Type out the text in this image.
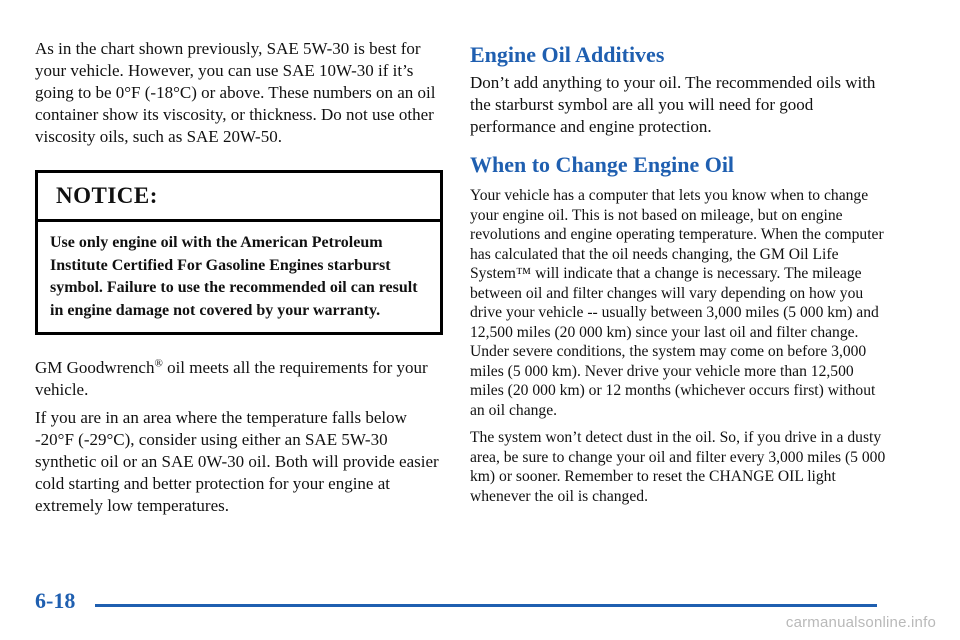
As in the chart shown previously, SAE 5W-30 is best for your vehicle. However, you can use SAE 10W-30 if it’s going to be 0°F (-18°C) or above. These numbers on an oil container show its viscosity, or thickness. Do not use other viscosity oils, such as SAE 20W-50.

NOTICE:
Use only engine oil with the American Petroleum Institute Certified For Gasoline Engines starburst symbol. Failure to use the recommended oil can result in engine damage not covered by your warranty.

GM Goodwrench® oil meets all the requirements for your vehicle.

If you are in an area where the temperature falls below -20°F (-29°C), consider using either an SAE 5W-30 synthetic oil or an SAE 0W-30 oil. Both will provide easier cold starting and better protection for your engine at extremely low temperatures.

Engine Oil Additives

Don’t add anything to your oil. The recommended oils with the starburst symbol are all you will need for good performance and engine protection.

When to Change Engine Oil

Your vehicle has a computer that lets you know when to change your engine oil. This is not based on mileage, but on engine revolutions and engine operating temperature. When the computer has calculated that the oil needs changing, the GM Oil Life System™ will indicate that a change is necessary. The mileage between oil and filter changes will vary depending on how you drive your vehicle -- usually between 3,000 miles (5 000 km) and 12,500 miles (20 000 km) since your last oil and filter change. Under severe conditions, the system may come on before 3,000 miles (5 000 km). Never drive your vehicle more than 12,500 miles (20 000 km) or 12 months (whichever occurs first) without an oil change.

The system won’t detect dust in the oil. So, if you drive in a dusty area, be sure to change your oil and filter every 3,000 miles (5 000 km) or sooner. Remember to reset the CHANGE OIL light whenever the oil is changed.

6-18
carmanualsonline.info
